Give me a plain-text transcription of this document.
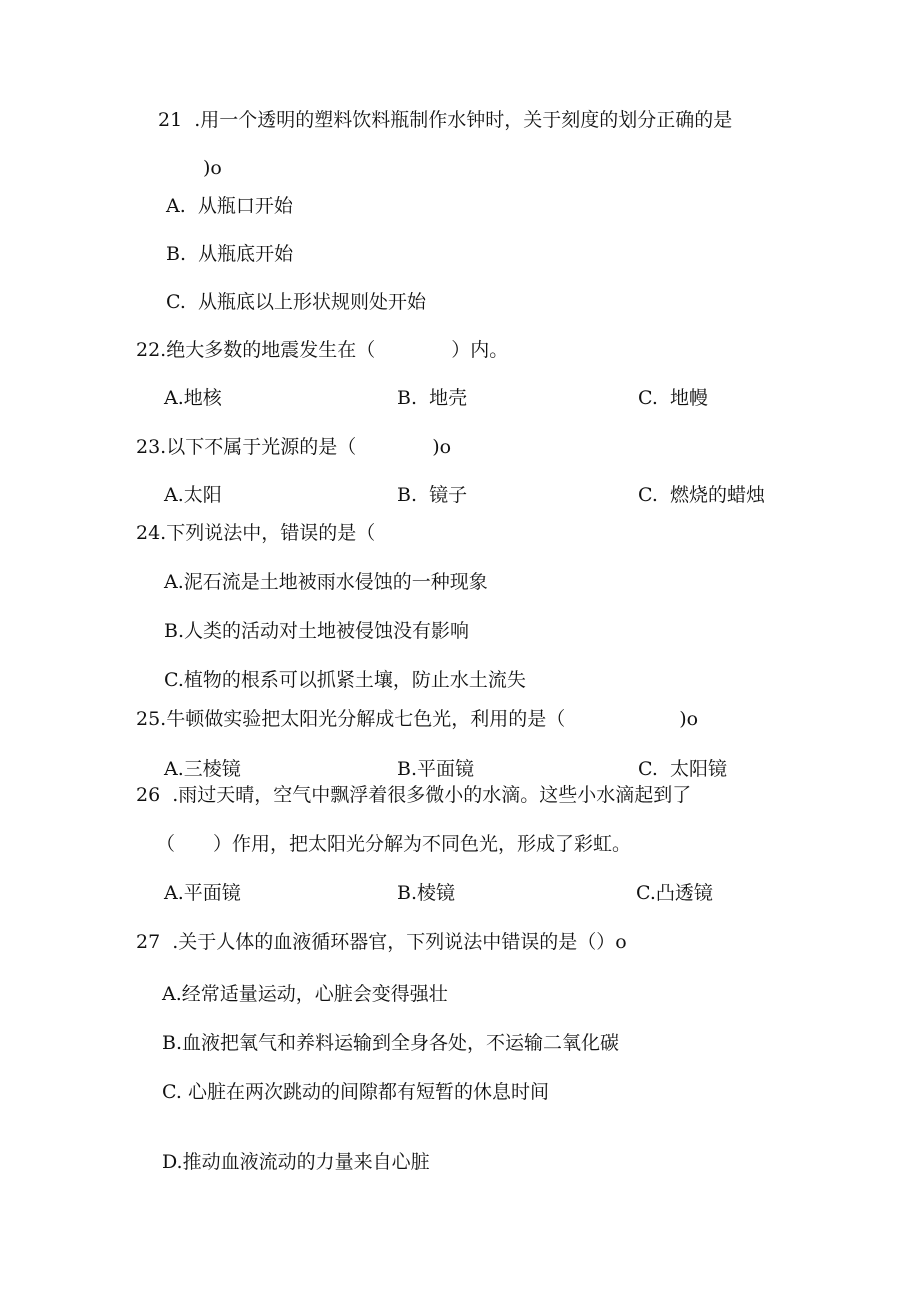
21  .用一个透明的塑料饮料瓶制作水钟时，关于刻度的划分正确的是
)o
A.  从瓶口开始
B.  从瓶底开始
C.  从瓶底以上形状规则处开始
22.绝大多数的地震发生在（　　　　）内。
A.地核	B.  地壳	C.  地幔
23.以下不属于光源的是（　　　　)o
A.太阳	B.  镜子	C.  燃烧的蜡烛
24.下列说法中，错误的是（
A.泥石流是土地被雨水侵蚀的一种现象
B.人类的活动对土地被侵蚀没有影响
C.植物的根系可以抓紧土壤，防止水土流失
25.牛顿做实验把太阳光分解成七色光，利用的是（　　　　　　)o
A.三棱镜	B.平面镜	C.  太阳镜
26  .雨过天晴，空气中飘浮着很多微小的水滴。这些小水滴起到了
（　　）作用，把太阳光分解为不同色光，形成了彩虹。
A.平面镜	B.棱镜	C.凸透镜
27  .关于人体的血液循环器官，下列说法中错误的是（）o
A.经常适量运动，心脏会变得强壮
B.血液把氧气和养料运输到全身各处，不运输二氧化碳
C. 心脏在两次跳动的间隙都有短暂的休息时间
D.推动血液流动的力量来自心脏
